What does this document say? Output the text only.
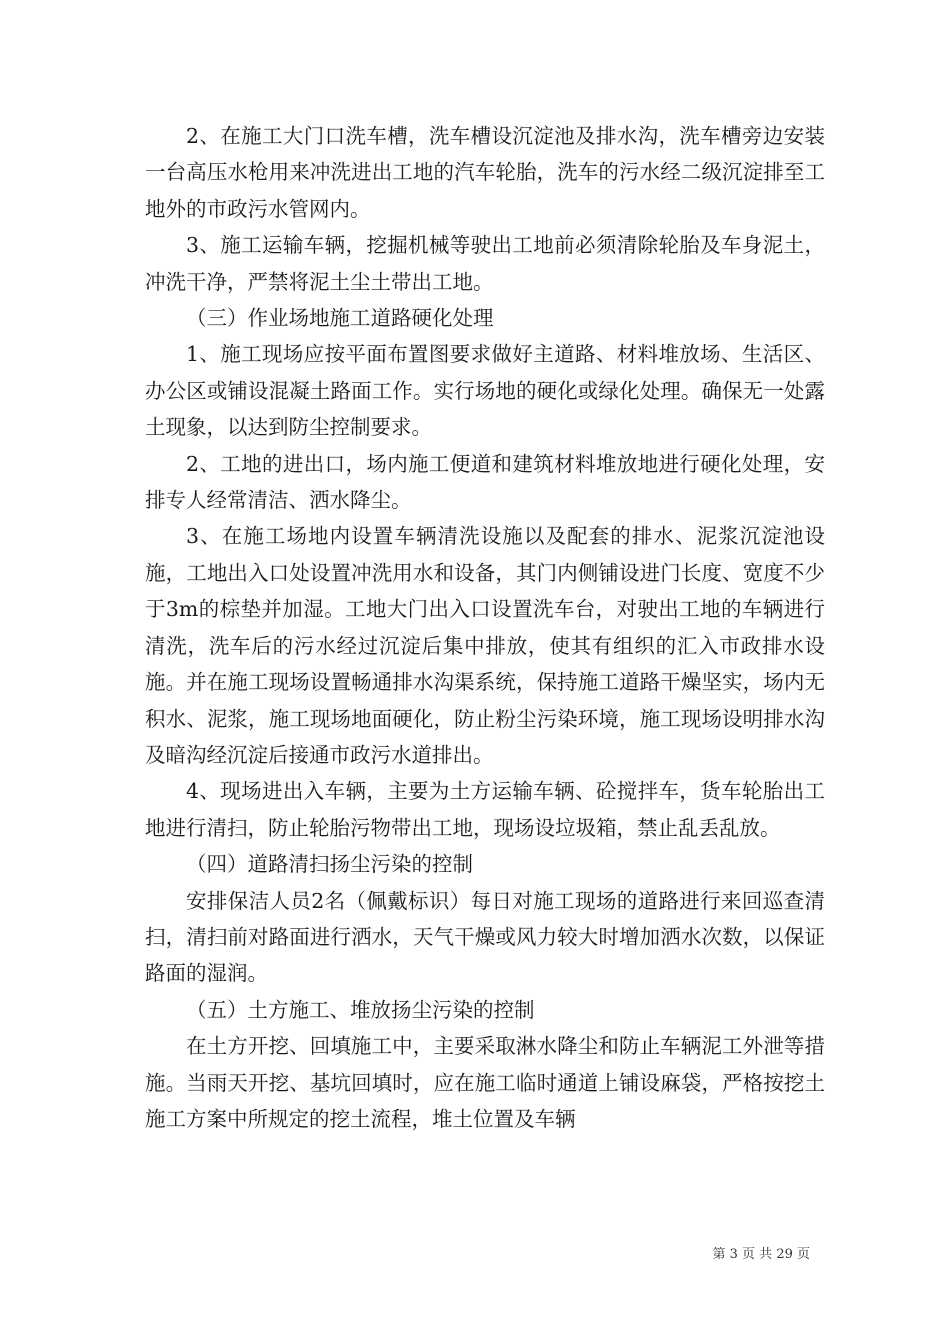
2、在施工大门口洗车槽，洗车槽设沉淀池及排水沟，洗车槽旁边安装一台高压水枪用来冲洗进出工地的汽车轮胎，洗车的污水经二级沉淀排至工地外的市政污水管网内。

3、施工运输车辆，挖掘机械等驶出工地前必须清除轮胎及车身泥土，冲洗干净，严禁将泥土尘土带出工地。

（三）作业场地施工道路硬化处理

1、施工现场应按平面布置图要求做好主道路、材料堆放场、生活区、办公区或铺设混凝土路面工作。实行场地的硬化或绿化处理。确保无一处露土现象，以达到防尘控制要求。

2、工地的进出口，场内施工便道和建筑材料堆放地进行硬化处理，安排专人经常清洁、洒水降尘。

3、在施工场地内设置车辆清洗设施以及配套的排水、泥浆沉淀池设施，工地出入口处设置冲洗用水和设备，其门内侧铺设进门长度、宽度不少于3m的棕垫并加湿。工地大门出入口设置洗车台，对驶出工地的车辆进行清洗，洗车后的污水经过沉淀后集中排放，使其有组织的汇入市政排水设施。并在施工现场设置畅通排水沟渠系统，保持施工道路干燥坚实，场内无积水、泥浆，施工现场地面硬化，防止粉尘污染环境，施工现场设明排水沟及暗沟经沉淀后接通市政污水道排出。

4、现场进出入车辆，主要为土方运输车辆、砼搅拌车，货车轮胎出工地进行清扫，防止轮胎污物带出工地，现场设垃圾箱，禁止乱丢乱放。

（四）道路清扫扬尘污染的控制

安排保洁人员2名（佩戴标识）每日对施工现场的道路进行来回巡查清扫，清扫前对路面进行洒水，天气干燥或风力较大时增加洒水次数，以保证路面的湿润。

（五）土方施工、堆放扬尘污染的控制

在土方开挖、回填施工中，主要采取淋水降尘和防止车辆泥工外泄等措施。当雨天开挖、基坑回填时，应在施工临时通道上铺设麻袋，严格按挖土施工方案中所规定的挖土流程，堆土位置及车辆

第 3 页 共 29 页
